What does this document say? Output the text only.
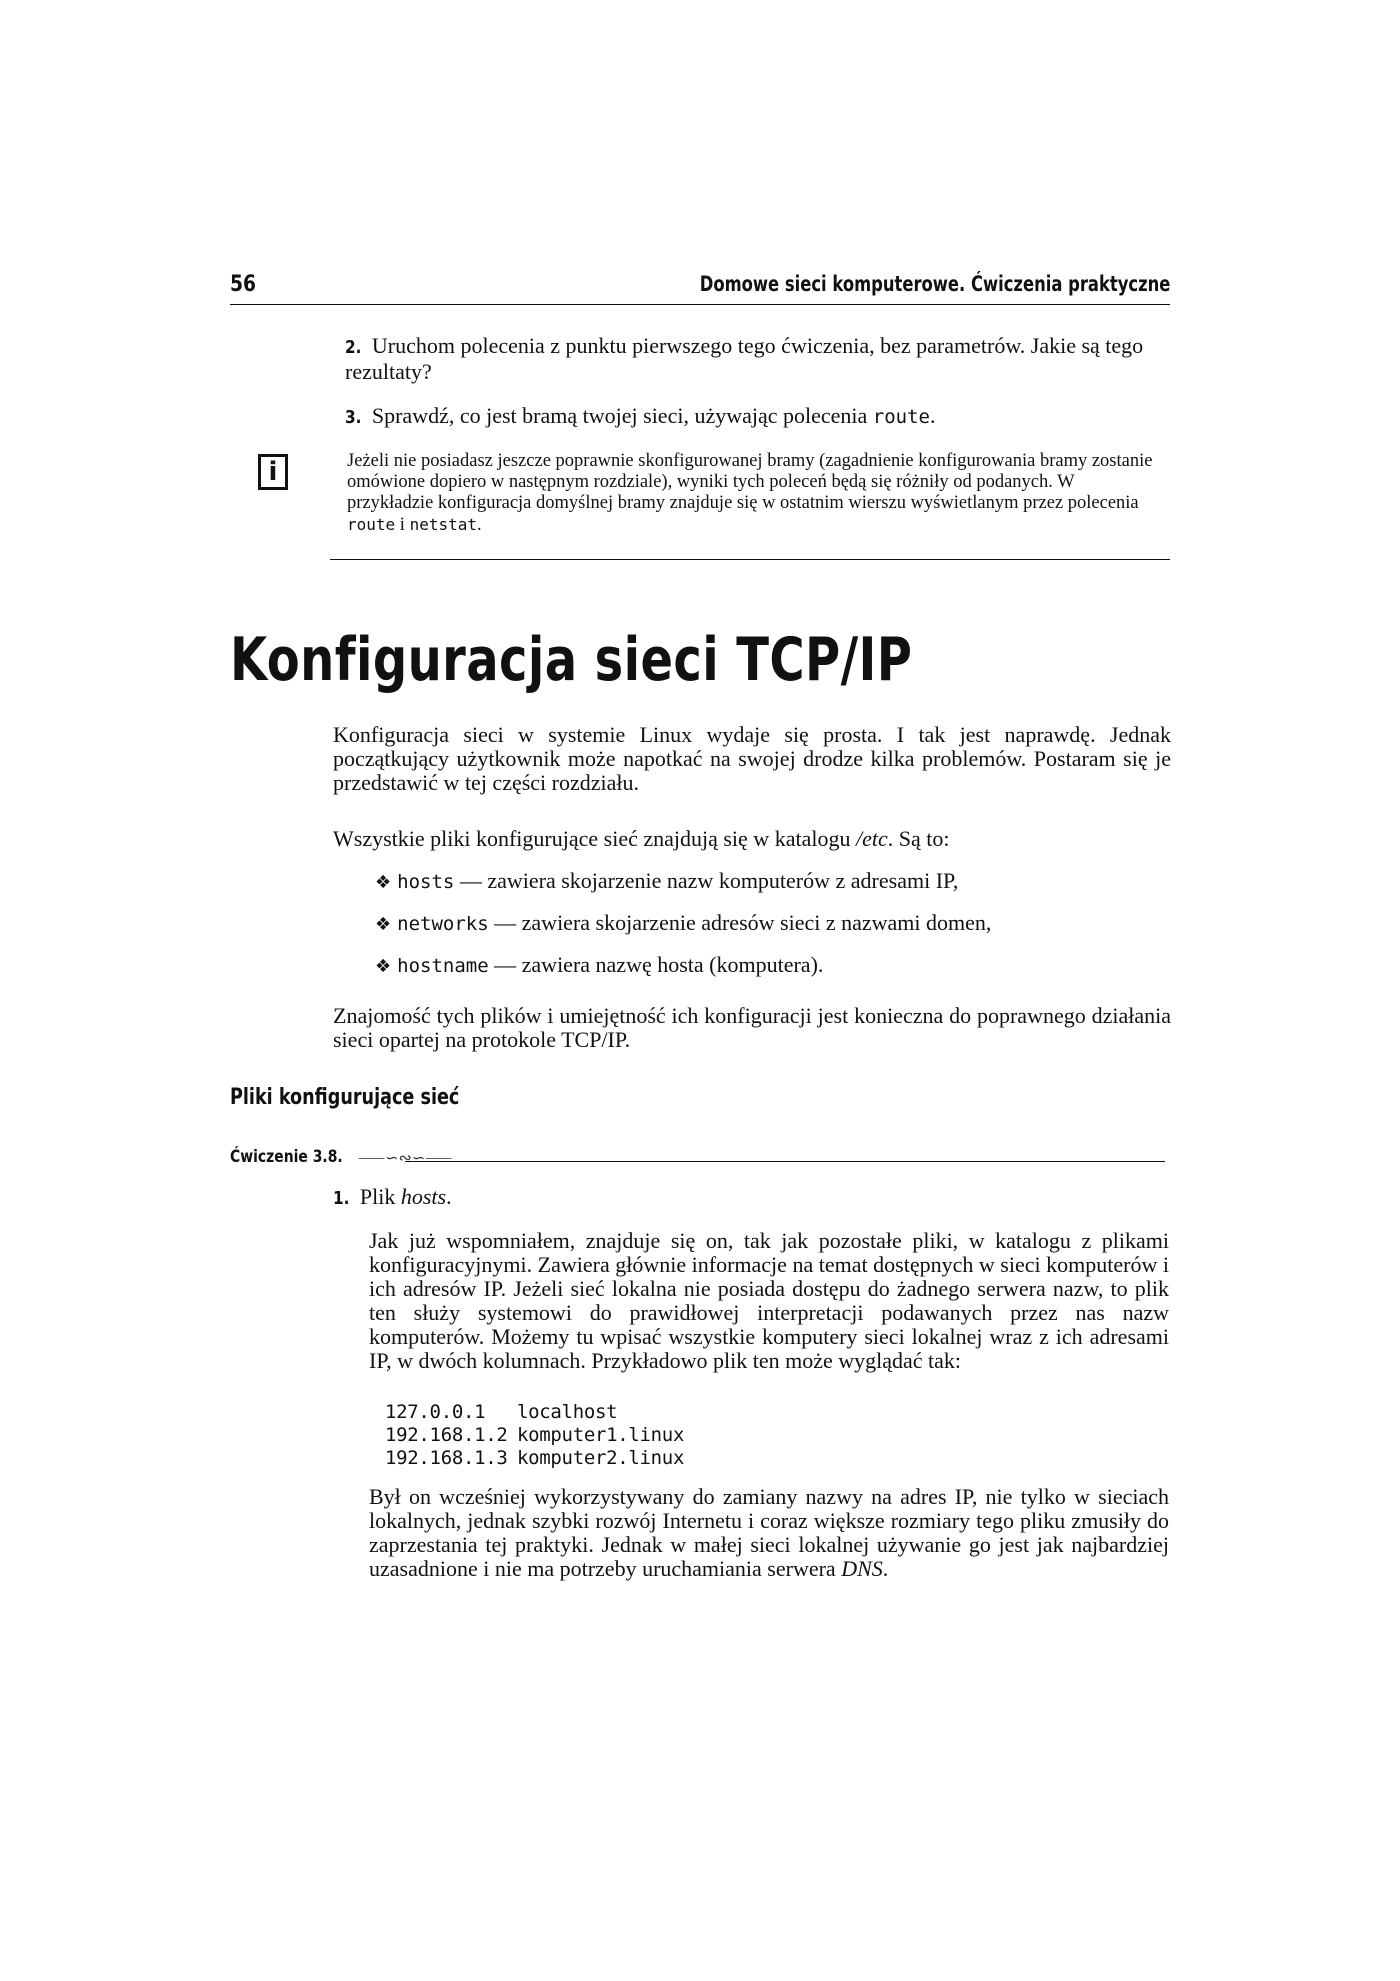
56	Domowe sieci komputerowe. Ćwiczenia praktyczne
2. Uruchom polecenia z punktu pierwszego tego ćwiczenia, bez parametrów. Jakie są tego rezultaty?
3. Sprawdź, co jest bramą twojej sieci, używając polecenia route.
i	Jeżeli nie posiadasz jeszcze poprawnie skonfigurowanej bramy (zagadnienie konfigurowania bramy zostanie omówione dopiero w następnym rozdziale), wyniki tych poleceń będą się różniły od podanych. W przykładzie konfiguracja domyślnej bramy znajduje się w ostatnim wierszu wyświetlanym przez polecenia route i netstat.
Konfiguracja sieci TCP/IP
Konfiguracja sieci w systemie Linux wydaje się prosta. I tak jest naprawdę. Jednak początkujący użytkownik może napotkać na swojej drodze kilka problemów. Postaram się je przedstawić w tej części rozdziału.
Wszystkie pliki konfigurujące sieć znajdują się w katalogu /etc. Są to:
❖ hosts — zawiera skojarzenie nazw komputerów z adresami IP,
❖ networks — zawiera skojarzenie adresów sieci z nazwami domen,
❖ hostname — zawiera nazwę hosta (komputera).
Znajomość tych plików i umiejętność ich konfiguracji jest konieczna do poprawnego działania sieci opartej na protokole TCP/IP.
Pliki konfigurujące sieć
Ćwiczenie 3.8. ⸺∽∾∽⸺
1. Plik hosts.
Jak już wspomniałem, znajduje się on, tak jak pozostałe pliki, w katalogu z plikami konfiguracyjnymi. Zawiera głównie informacje na temat dostępnych w sieci komputerów i ich adresów IP. Jeżeli sieć lokalna nie posiada dostępu do żadnego serwera nazw, to plik ten służy systemowi do prawidłowej interpretacji podawanych przez nas nazw komputerów. Możemy tu wpisać wszystkie komputery sieci lokalnej wraz z ich adresami IP, w dwóch kolumnach. Przykładowo plik ten może wyglądać tak:
127.0.0.1 localhost
192.168.1.2 komputer1.linux
192.168.1.3 komputer2.linux
Był on wcześniej wykorzystywany do zamiany nazwy na adres IP, nie tylko w sieciach lokalnych, jednak szybki rozwój Internetu i coraz większe rozmiary tego pliku zmusiły do zaprzestania tej praktyki. Jednak w małej sieci lokalnej używanie go jest jak najbardziej uzasadnione i nie ma potrzeby uruchamiania serwera DNS.
